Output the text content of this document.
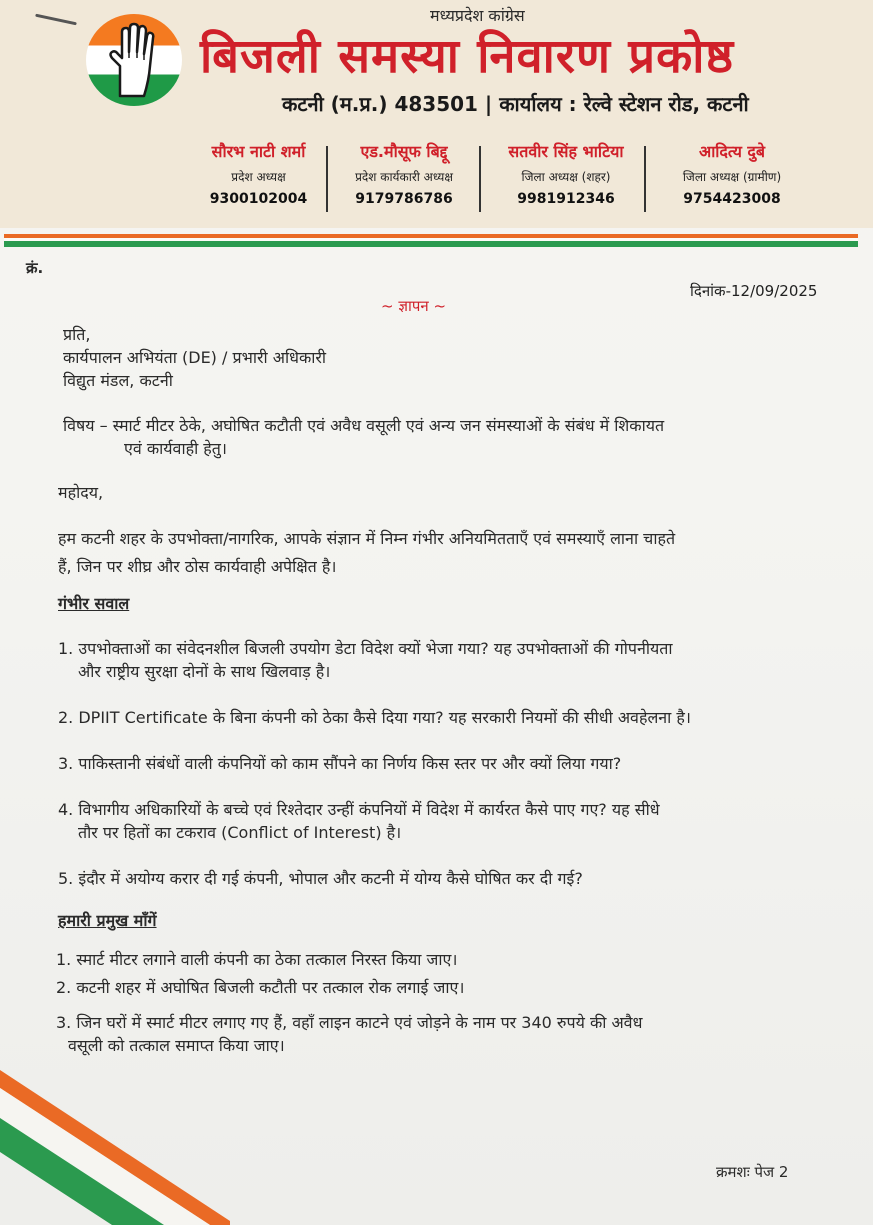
मध्यप्रदेश कांग्रेस
बिजली समस्या निवारण प्रकोष्ठ
कटनी (म.प्र.) 483501 | कार्यालय : रेल्वे स्टेशन रोड, कटनी
सौरभ नाटी शर्मा
प्रदेश अध्यक्ष
9300102004
एड.मौसूफ बिद्दू
प्रदेश कार्यकारी अध्यक्ष
9179786786
सतवीर सिंह भाटिया
जिला अध्यक्ष (शहर)
9981912346
आदित्य दुबे
जिला अध्यक्ष (ग्रामीण)
9754423008
क्रं.
दिनांक-12/09/2025
~ ज्ञापन ~
प्रति,
कार्यपालन अभियंता (DE) / प्रभारी अधिकारी
विद्युत मंडल, कटनी
विषय – स्मार्ट मीटर ठेके, अघोषित कटौती एवं अवैध वसूली एवं अन्य जन संमस्याओं के संबंध में शिकायत
एवं कार्यवाही हेतु।
महोदय,
हम कटनी शहर के उपभोक्ता/नागरिक, आपके संज्ञान में निम्न गंभीर अनियमितताएँ एवं समस्याएँ लाना चाहते
हैं, जिन पर शीघ्र और ठोस कार्यवाही अपेक्षित है।
गंभीर सवाल
1. उपभोक्ताओं का संवेदनशील बिजली उपयोग डेटा विदेश क्यों भेजा गया? यह उपभोक्ताओं की गोपनीयता
और राष्ट्रीय सुरक्षा दोनों के साथ खिलवाड़ है।
2. DPIIT Certificate के बिना कंपनी को ठेका कैसे दिया गया? यह सरकारी नियमों की सीधी अवहेलना है।
3. पाकिस्तानी संबंधों वाली कंपनियों को काम सौंपने का निर्णय किस स्तर पर और क्यों लिया गया?
4. विभागीय अधिकारियों के बच्चे एवं रिश्तेदार उन्हीं कंपनियों में विदेश में कार्यरत कैसे पाए गए? यह सीधे
तौर पर हितों का टकराव (Conflict of Interest) है।
5. इंदौर में अयोग्य करार दी गई कंपनी, भोपाल और कटनी में योग्य कैसे घोषित कर दी गई?
हमारी प्रमुख माँगें
1. स्मार्ट मीटर लगाने वाली कंपनी का ठेका तत्काल निरस्त किया जाए।
2. कटनी शहर में अघोषित बिजली कटौती पर तत्काल रोक लगाई जाए।
3. जिन घरों में स्मार्ट मीटर लगाए गए हैं, वहाँ लाइन काटने एवं जोड़ने के नाम पर 340 रुपये की अवैध
वसूली को तत्काल समाप्त किया जाए।
क्रमशः पेज 2
